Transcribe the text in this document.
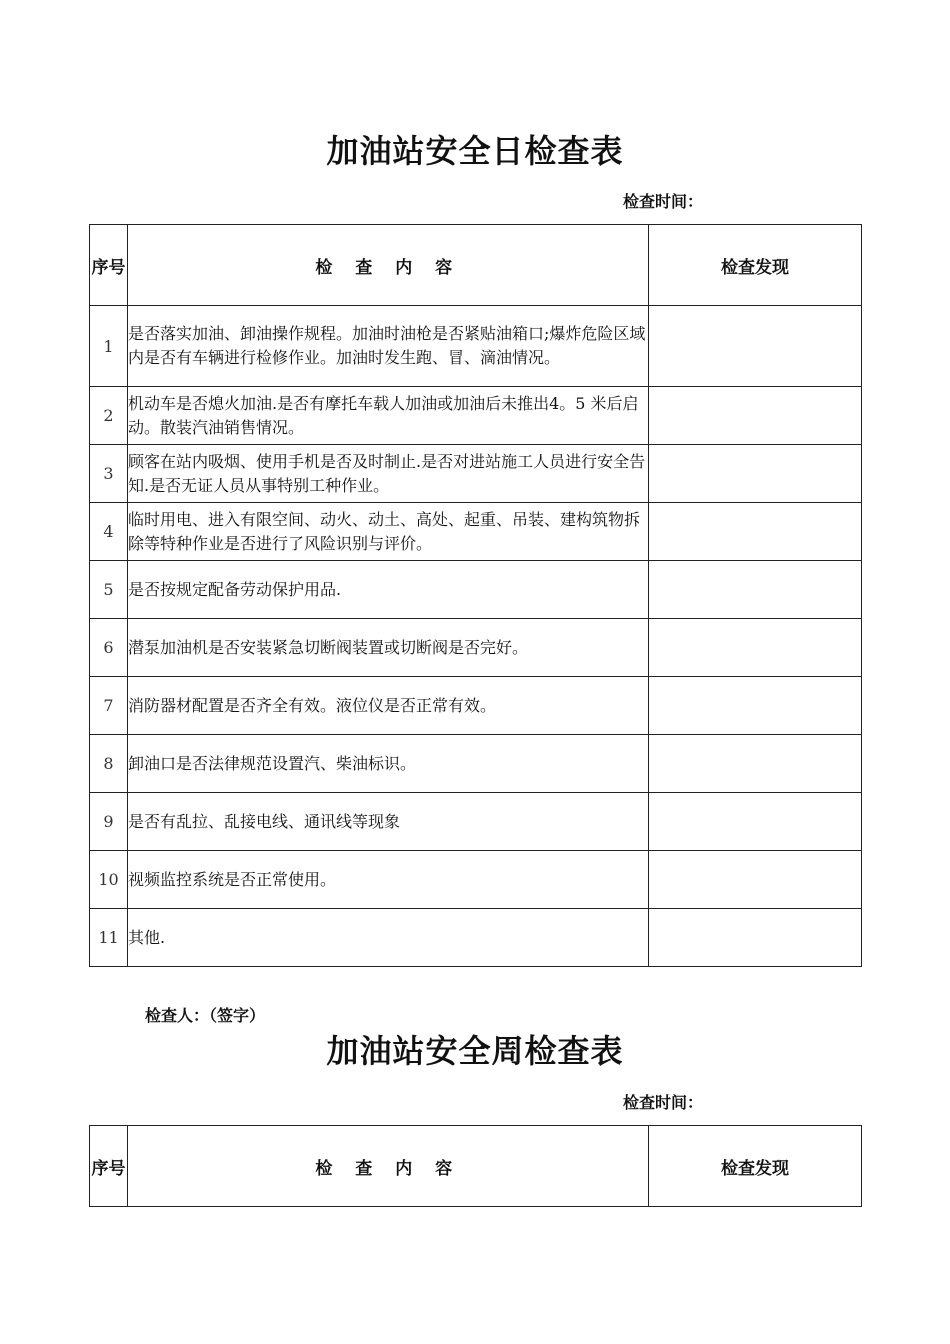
加油站安全日检查表
检查时间：
序号	检 查 内 容	检查发现
1	是否落实加油、卸油操作规程。加油时油枪是否紧贴油箱口;爆炸危险区域内是否有车辆进行检修作业。加油时发生跑、冒、滴油情况。	
2	机动车是否熄火加油.是否有摩托车载人加油或加油后未推出4。5 米后启动。散装汽油销售情况。	
3	顾客在站内吸烟、使用手机是否及时制止.是否对进站施工人员进行安全告知.是否无证人员从事特别工种作业。	
4	临时用电、进入有限空间、动火、动土、高处、起重、吊装、建构筑物拆除等特种作业是否进行了风险识别与评价。	
5	是否按规定配备劳动保护用品.	
6	潜泵加油机是否安装紧急切断阀装置或切断阀是否完好。	
7	消防器材配置是否齐全有效。液位仪是否正常有效。	
8	卸油口是否法律规范设置汽、柴油标识。	
9	是否有乱拉、乱接电线、通讯线等现象	
10	视频监控系统是否正常使用。	
11	其他.	
检查人：（签字）
加油站安全周检查表
检查时间：
序号	检 查 内 容	检查发现
